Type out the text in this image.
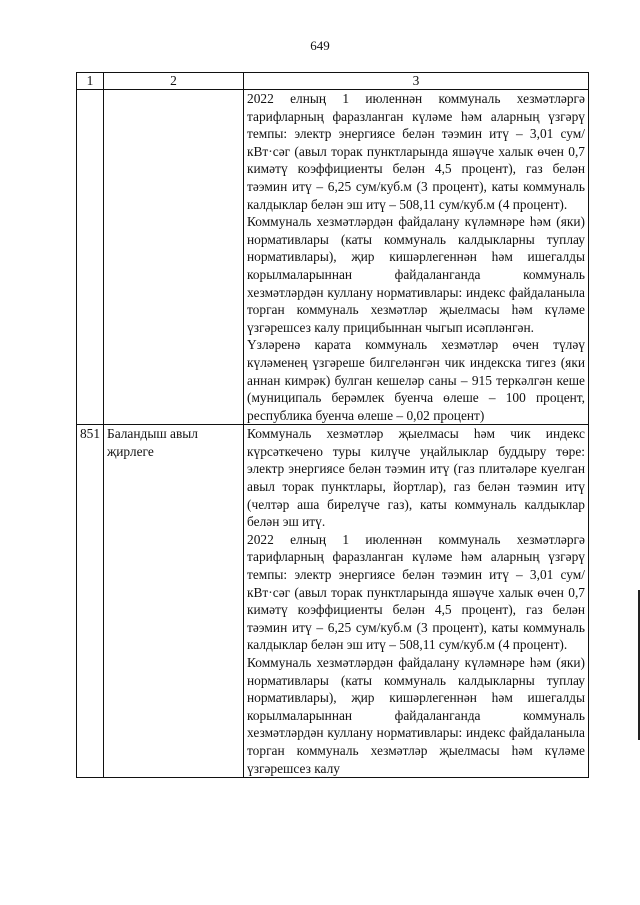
649
1	2	3

		2022 елның 1 июленнән коммуналь хезмәтләргә тарифларның фаразланган күләме һәм аларның үзгәрү темпы: электр энергиясе белән тәэмин итү – 3,01 сум/кВт·сәг (авыл торак пунктларында яшәүче халык өчен 0,7 кимәтү коэффициенты белән 4,5 процент), газ белән тәэмин итү – 6,25 сум/куб.м (3 процент), каты коммуналь калдыклар белән эш итү – 508,11 сум/куб.м (4 процент).

Коммуналь хезмәтләрдән файдалану күләмнәре һәм (яки) нормативлары (каты коммуналь калдыкларны туплау нормативлары), җир кишәрлегеннән һәм ишегалды корылмаларыннан файдаланганда коммуналь хезмәтләрдән куллану нормативлары: индекс файдаланыла торган коммуналь хезмәтләр җыелмасы һәм күләме үзгәрешсез калу прицибыннан чыгып исәпләнгән.

Үзләренә карата коммуналь хезмәтләр өчен түләү күләменең үзгәреше билгеләнгән чик индекска тигез (яки аннан кимрәк) булган кешеләр саны – 915 теркәлгән кеше (муниципаль берәмлек буенча өлеше – 100 процент, республика буенча өлеше – 0,02 процент)

851	Баландыш авыл җирлеге	Коммуналь хезмәтләр җыелмасы һәм чик индекс күрсәткечено туры килүче уңайлыклар буддыру төре: электр энергиясе белән тәэмин итү (газ плитәләре куелган авыл торак пунктлары, йортлар), газ белән тәэмин итү (челтәр аша бирелүче газ), каты коммуналь калдыклар белән эш итү.

2022 елның 1 июленнән коммуналь хезмәтләргә тарифларның фаразланган күләме һәм аларның үзгәрү темпы: электр энергиясе белән тәэмин итү – 3,01 сум/кВт·сәг (авыл торак пунктларында яшәүче халык өчен 0,7 кимәтү коэффициенты белән 4,5 процент), газ белән тәэмин итү – 6,25 сум/куб.м (3 процент), каты коммуналь калдыклар белән эш итү – 508,11 сум/куб.м (4 процент).

Коммуналь хезмәтләрдән файдалану күләмнәре һәм (яки) нормативлары (каты коммуналь калдыкларны туплау нормативлары), җир кишәрлегеннән һәм ишегалды корылмаларыннан файдаланганда коммуналь хезмәтләрдән куллану нормативлары: индекс файдаланыла торган коммуналь хезмәтләр җыелмасы һәм күләме үзгәрешсез калу
